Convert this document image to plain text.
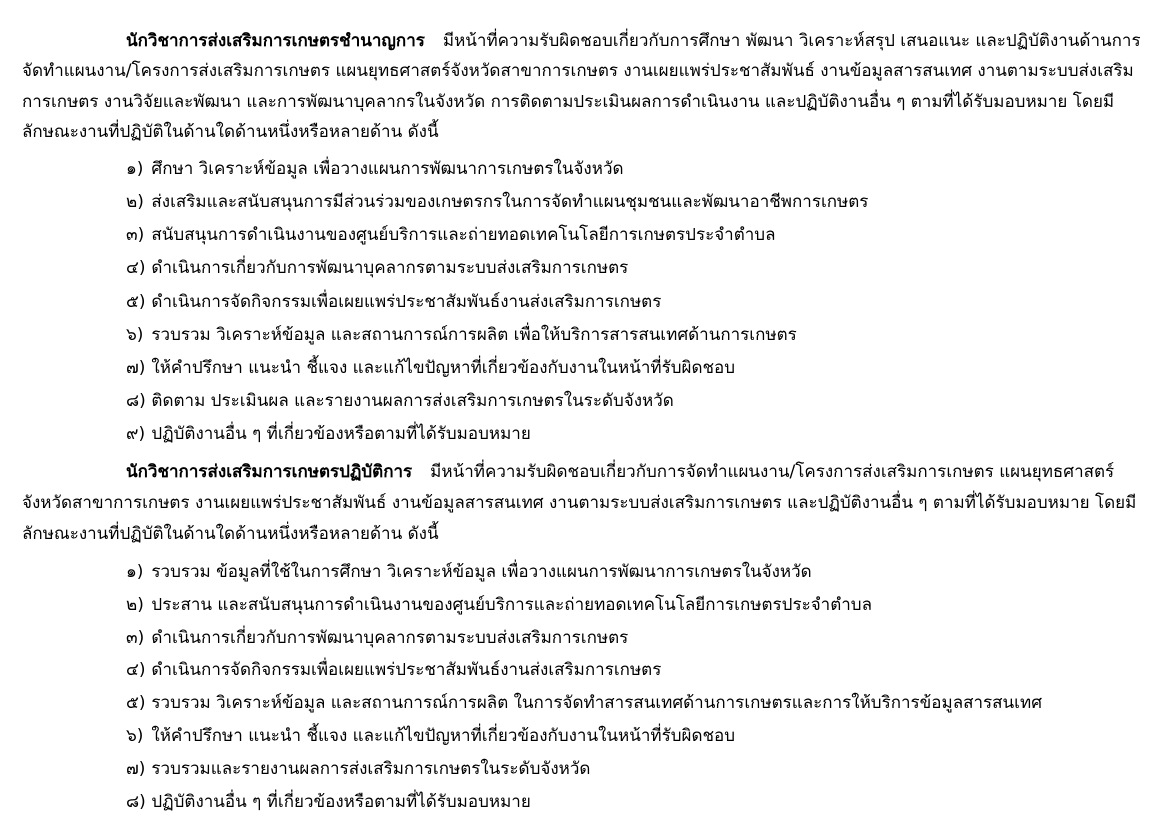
นักวิชาการส่งเสริมการเกษตรชำนาญการ มีหน้าที่ความรับผิดชอบเกี่ยวกับการศึกษา พัฒนา วิเคราะห์สรุป เสนอแนะ และปฏิบัติงานด้านการจัดทำแผนงาน/โครงการส่งเสริมการเกษตร แผนยุทธศาสตร์จังหวัดสาขาการเกษตร งานเผยแพร่ประชาสัมพันธ์ งานข้อมูลสารสนเทศ งานตามระบบส่งเสริมการเกษตร งานวิจัยและพัฒนา และการพัฒนาบุคลากรในจังหวัด การติดตามประเมินผลการดำเนินงาน และปฏิบัติงานอื่น ๆ ตามที่ได้รับมอบหมาย โดยมีลักษณะงานที่ปฏิบัติในด้านใดด้านหนึ่งหรือหลายด้าน ดังนี้

๑) ศึกษา วิเคราะห์ข้อมูล เพื่อวางแผนการพัฒนาการเกษตรในจังหวัด
๒) ส่งเสริมและสนับสนุนการมีส่วนร่วมของเกษตรกรในการจัดทำแผนชุมชนและพัฒนาอาชีพการเกษตร
๓) สนับสนุนการดำเนินงานของศูนย์บริการและถ่ายทอดเทคโนโลยีการเกษตรประจำตำบล
๔) ดำเนินการเกี่ยวกับการพัฒนาบุคลากรตามระบบส่งเสริมการเกษตร
๕) ดำเนินการจัดกิจกรรมเพื่อเผยแพร่ประชาสัมพันธ์งานส่งเสริมการเกษตร
๖) รวบรวม วิเคราะห์ข้อมูล และสถานการณ์การผลิต เพื่อให้บริการสารสนเทศด้านการเกษตร
๗) ให้คำปรึกษา แนะนำ ชี้แจง และแก้ไขปัญหาที่เกี่ยวข้องกับงานในหน้าที่รับผิดชอบ
๘) ติดตาม ประเมินผล และรายงานผลการส่งเสริมการเกษตรในระดับจังหวัด
๙) ปฏิบัติงานอื่น ๆ ที่เกี่ยวข้องหรือตามที่ได้รับมอบหมาย

นักวิชาการส่งเสริมการเกษตรปฏิบัติการ มีหน้าที่ความรับผิดชอบเกี่ยวกับการจัดทำแผนงาน/โครงการส่งเสริมการเกษตร แผนยุทธศาสตร์จังหวัดสาขาการเกษตร งานเผยแพร่ประชาสัมพันธ์ งานข้อมูลสารสนเทศ งานตามระบบส่งเสริมการเกษตร และปฏิบัติงานอื่น ๆ ตามที่ได้รับมอบหมาย โดยมีลักษณะงานที่ปฏิบัติในด้านใดด้านหนึ่งหรือหลายด้าน ดังนี้

๑) รวบรวม ข้อมูลที่ใช้ในการศึกษา วิเคราะห์ข้อมูล เพื่อวางแผนการพัฒนาการเกษตรในจังหวัด
๒) ประสาน และสนับสนุนการดำเนินงานของศูนย์บริการและถ่ายทอดเทคโนโลยีการเกษตรประจำตำบล
๓) ดำเนินการเกี่ยวกับการพัฒนาบุคลากรตามระบบส่งเสริมการเกษตร
๔) ดำเนินการจัดกิจกรรมเพื่อเผยแพร่ประชาสัมพันธ์งานส่งเสริมการเกษตร
๕) รวบรวม วิเคราะห์ข้อมูล และสถานการณ์การผลิต ในการจัดทำสารสนเทศด้านการเกษตรและการให้บริการข้อมูลสารสนเทศ
๖) ให้คำปรึกษา แนะนำ ชี้แจง และแก้ไขปัญหาที่เกี่ยวข้องกับงานในหน้าที่รับผิดชอบ
๗) รวบรวมและรายงานผลการส่งเสริมการเกษตรในระดับจังหวัด
๘) ปฏิบัติงานอื่น ๆ ที่เกี่ยวข้องหรือตามที่ได้รับมอบหมาย
